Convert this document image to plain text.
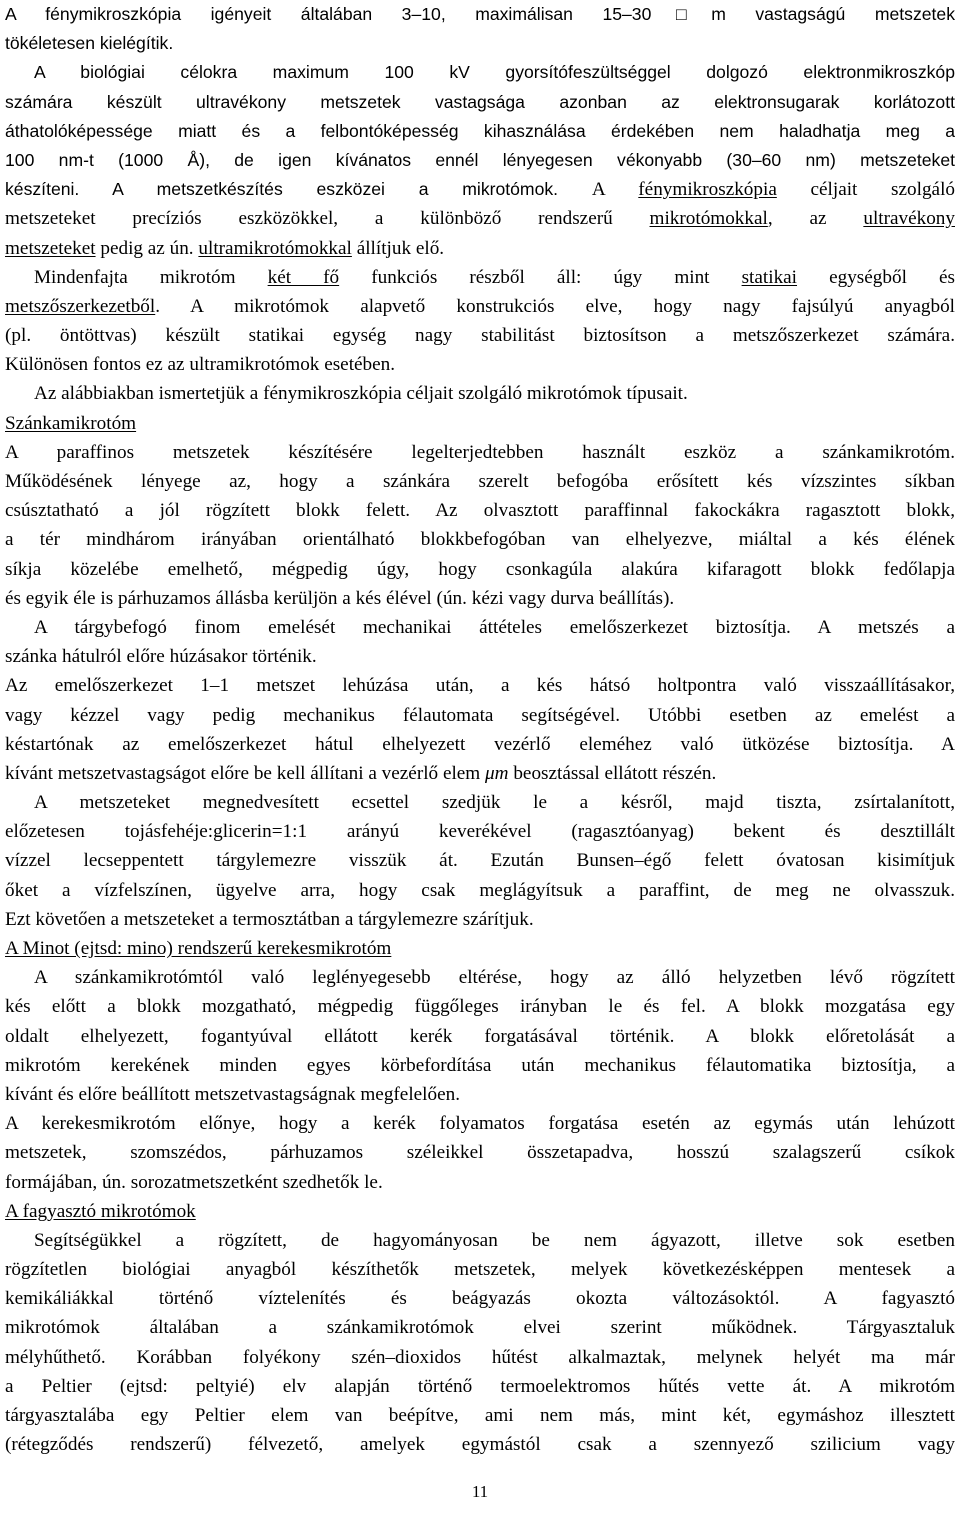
A fénymikroszkópia igényeit általában 3–10, maximálisan 15–30□m vastagságú metszetek
tökéletesen kielégítik.
A biológiai célokra maximum 100 kV gyorsítófeszültséggel dolgozó elektronmikroszkóp
számára készült ultravékony metszetek vastagsága azonban az elektronsugarak korlátozott
áthatolóképessége miatt és a felbontóképesség kihasználása érdekében nem haladhatja meg a
100 nm-t (1000 Å), de igen kívánatos ennél lényegesen vékonyabb (30–60 nm) metszeteket
készíteni. A metszetkészítés eszközei a mikrotómok. A fénymikroszkópia céljait szolgáló
metszeteket precíziós eszközökkel, a különböző rendszerű mikrotómokkal, az ultravékony
metszeteket pedig az ún. ultramikrotómokkal állítjuk elő.
Mindenfajta mikrotóm két fő funkciós részből áll: úgy mint statikai egységből és
metszőszerkezetből. A mikrotómok alapvető konstrukciós elve, hogy nagy fajsúlyú anyagból
(pl. öntöttvas) készült statikai egység nagy stabilitást biztosítson a metszőszerkezet számára.
Különösen fontos ez az ultramikrotómok esetében.
Az alábbiakban ismertetjük a fénymikroszkópia céljait szolgáló mikrotómok típusait.
Szánkamikrotóm
A paraffinos metszetek készítésére legelterjedtebben használt eszköz a szánkamikrotóm.
Működésének lényege az, hogy a szánkára szerelt befogóba erősített kés vízszintes síkban
csúsztatható a jól rögzített blokk felett. Az olvasztott paraffinnal fakockákra ragasztott blokk,
a tér mindhárom irányában orientálható blokkbefogóban van elhelyezve, miáltal a kés élének
síkja közelébe emelhető, mégpedig úgy, hogy csonkagúla alakúra kifaragott blokk fedőlapja
és egyik éle is párhuzamos állásba kerüljön a kés élével (ún. kézi vagy durva beállítás).
A tárgybefogó finom emelését mechanikai áttételes emelőszerkezet biztosítja. A metszés a
szánka hátulról előre húzásakor történik.
Az emelőszerkezet 1–1 metszet lehúzása után, a kés hátsó holtpontra való visszaállításakor,
vagy kézzel vagy pedig mechanikus félautomata segítségével. Utóbbi esetben az emelést a
késtartónak az emelőszerkezet hátul elhelyezett vezérlő eleméhez való ütközése biztosítja. A
kívánt metszetvastagságot előre be kell állítani a vezérlő elem μm beosztással ellátott részén.
A metszeteket megnedvesített ecsettel szedjük le a késről, majd tiszta, zsírtalanított,
előzetesen tojásfehéje:glicerin=1:1 arányú keverékével (ragasztóanyag) bekent és desztillált
vízzel lecseppentett tárgylemezre visszük át. Ezután Bunsen–égő felett óvatosan kisimítjuk
őket a vízfelszínen, ügyelve arra, hogy csak meglágyítsuk a paraffint, de meg ne olvasszuk.
Ezt követően a metszeteket a termosztátban a tárgylemezre szárítjuk.
A Minot (ejtsd: mino) rendszerű kerekesmikrotóm
A szánkamikrotómtól való leglényegesebb eltérése, hogy az álló helyzetben lévő rögzített
kés előtt a blokk mozgatható, mégpedig függőleges irányban le és fel. A blokk mozgatása egy
oldalt elhelyezett, fogantyúval ellátott kerék forgatásával történik. A blokk előretolását a
mikrotóm kerekének minden egyes körbefordítása után mechanikus félautomatika biztosítja, a
kívánt és előre beállított metszetvastagságnak megfelelően.
A kerekesmikrotóm előnye, hogy a kerék folyamatos forgatása esetén az egymás után lehúzott
metszetek, szomszédos, párhuzamos széleikkel összetapadva, hosszú szalagszerű csíkok
formájában, ún. sorozatmetszetként szedhetők le.
A fagyasztó mikrotómok
Segítségükkel a rögzített, de hagyományosan be nem ágyazott, illetve sok esetben
rögzítetlen biológiai anyagból készíthetők metszetek, melyek következésképpen mentesek a
kemikáliákkal történő víztelenítés és beágyazás okozta változásoktól. A fagyasztó
mikrotómok általában a szánkamikrotómok elvei szerint működnek. Tárgyasztaluk
mélyhűthető. Korábban folyékony szén–dioxidos hűtést alkalmaztak, melynek helyét ma már
a Peltier (ejtsd: peltyié) elv alapján történő termoelektromos hűtés vette át. A mikrotóm
tárgyasztalába egy Peltier elem van beépítve, ami nem más, mint két, egymáshoz illesztett
(rétegződés rendszerű) félvezető, amelyek egymástól csak a szennyező szilicium vagy
11
